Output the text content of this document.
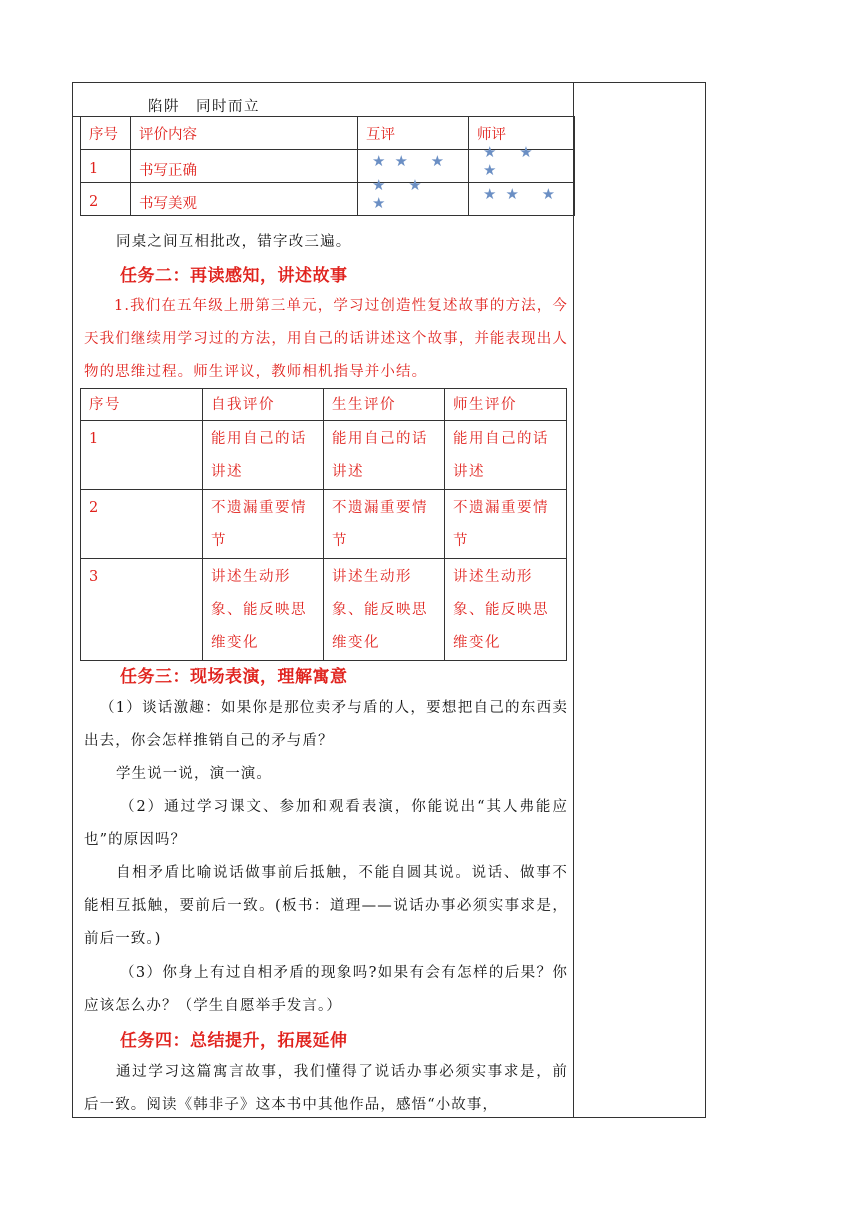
陷阱　同时而立
序号	评价内容	互评	师评
1	书写正确	★★ ★	★ ★ ★

2	书写美观	★ ★ ★	★★ ★
同桌之间互相批改，错字改三遍。
任务二：再读感知，讲述故事
1.我们在五年级上册第三单元，学习过创造性复述故事的方法，今天我们继续用学习过的方法，用自己的话讲述这个故事，并能表现出人物的思维过程。师生评议，教师相机指导并小结。
序号	自我评价	生生评价	师生评价
1	能用自己的话讲述	能用自己的话讲述	能用自己的话讲述
2	不遗漏重要情节	不遗漏重要情节	不遗漏重要情节
3	讲述生动形象、能反映思维变化	讲述生动形象、能反映思维变化	讲述生动形象、能反映思维变化
任务三：现场表演，理解寓意
（1）谈话激趣：如果你是那位卖矛与盾的人，要想把自己的东西卖出去，你会怎样推销自己的矛与盾？
学生说一说，演一演。
（2）通过学习课文、参加和观看表演，你能说出“其人弗能应也”的原因吗？
自相矛盾比喻说话做事前后抵触，不能自圆其说。说话、做事不能相互抵触，要前后一致。(板书：道理——说话办事必须实事求是，前后一致。)
（3）你身上有过自相矛盾的现象吗?如果有会有怎样的后果？你应该怎么办？（学生自愿举手发言。）
任务四：总结提升，拓展延伸
通过学习这篇寓言故事，我们懂得了说话办事必须实事求是，前后一致。阅读《韩非子》这本书中其他作品，感悟“小故事，
